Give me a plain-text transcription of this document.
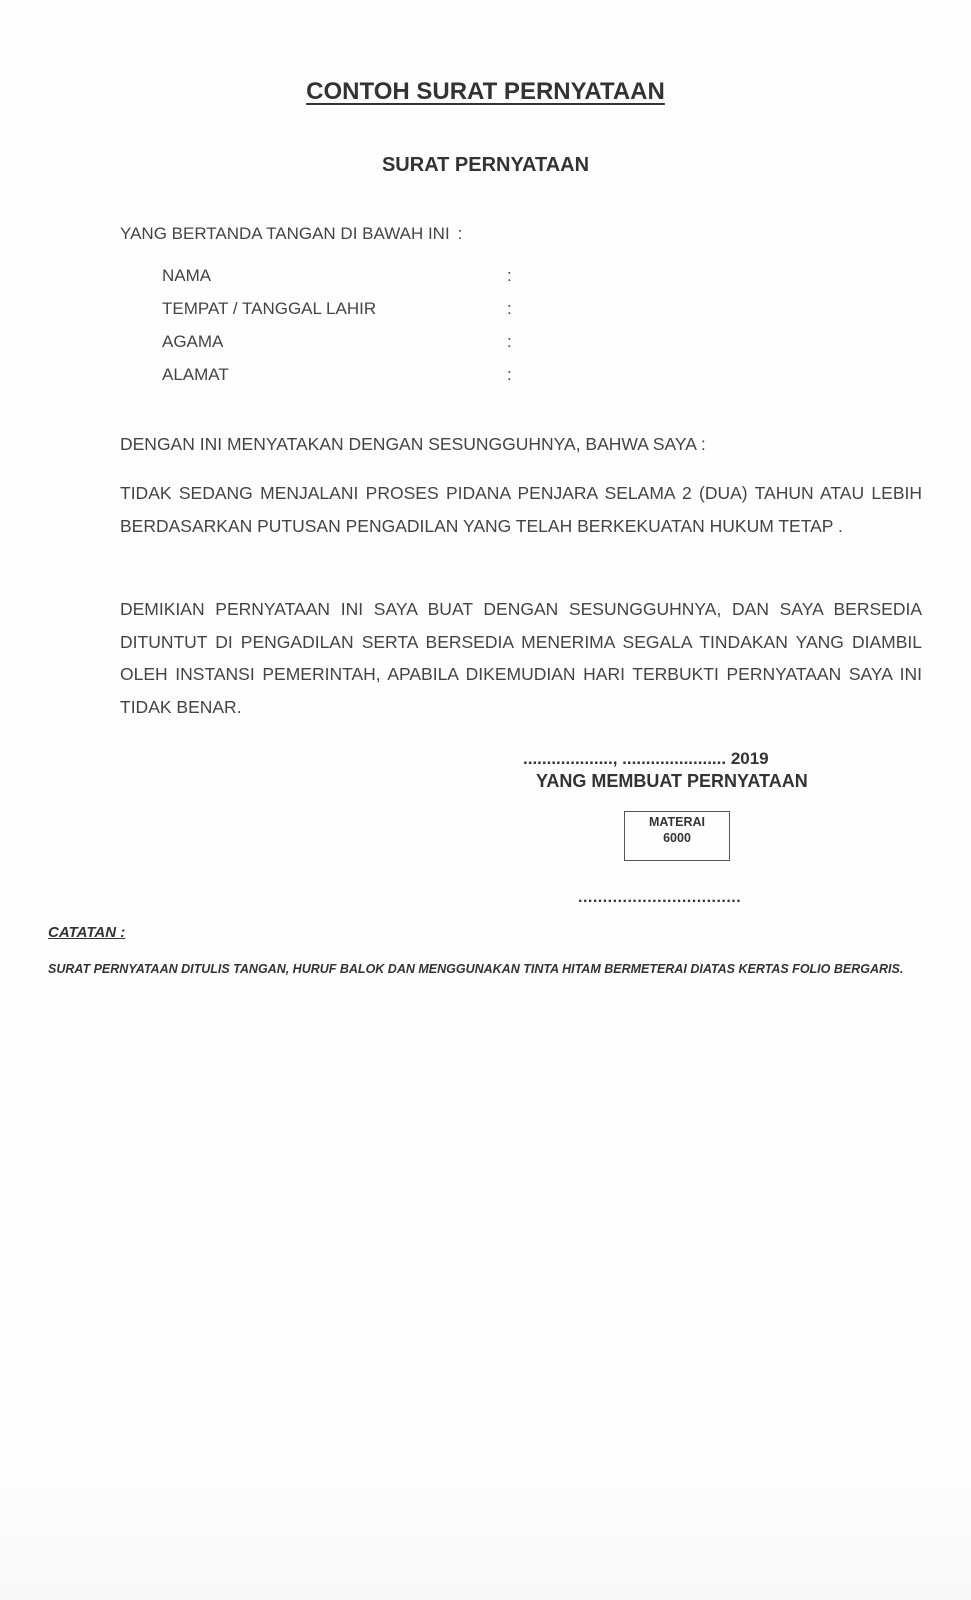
CONTOH SURAT PERNYATAAN
SURAT PERNYATAAN
YANG BERTANDA TANGAN DI BAWAH INI :
NAMA	:
TEMPAT / TANGGAL LAHIR	:
AGAMA	:
ALAMAT	:

DENGAN INI MENYATAKAN DENGAN SESUNGGUHNYA, BAHWA SAYA :

TIDAK SEDANG MENJALANI PROSES PIDANA PENJARA SELAMA 2 (DUA) TAHUN ATAU LEBIH BERDASARKAN PUTUSAN PENGADILAN YANG TELAH BERKEKUATAN HUKUM TETAP .

DEMIKIAN PERNYATAAN INI SAYA BUAT DENGAN SESUNGGUHNYA, DAN SAYA BERSEDIA DITUNTUT DI PENGADILAN SERTA BERSEDIA MENERIMA SEGALA TINDAKAN YANG DIAMBIL OLEH INSTANSI PEMERINTAH, APABILA DIKEMUDIAN HARI TERBUKTI PERNYATAAN SAYA INI TIDAK BENAR.

..................., ...................... 2019
YANG MEMBUAT PERNYATAAN
MATERAI
6000
.................................
CATATAN :

SURAT PERNYATAAN DITULIS TANGAN, HURUF BALOK DAN MENGGUNAKAN TINTA HITAM BERMETERAI DIATAS KERTAS FOLIO BERGARIS.
